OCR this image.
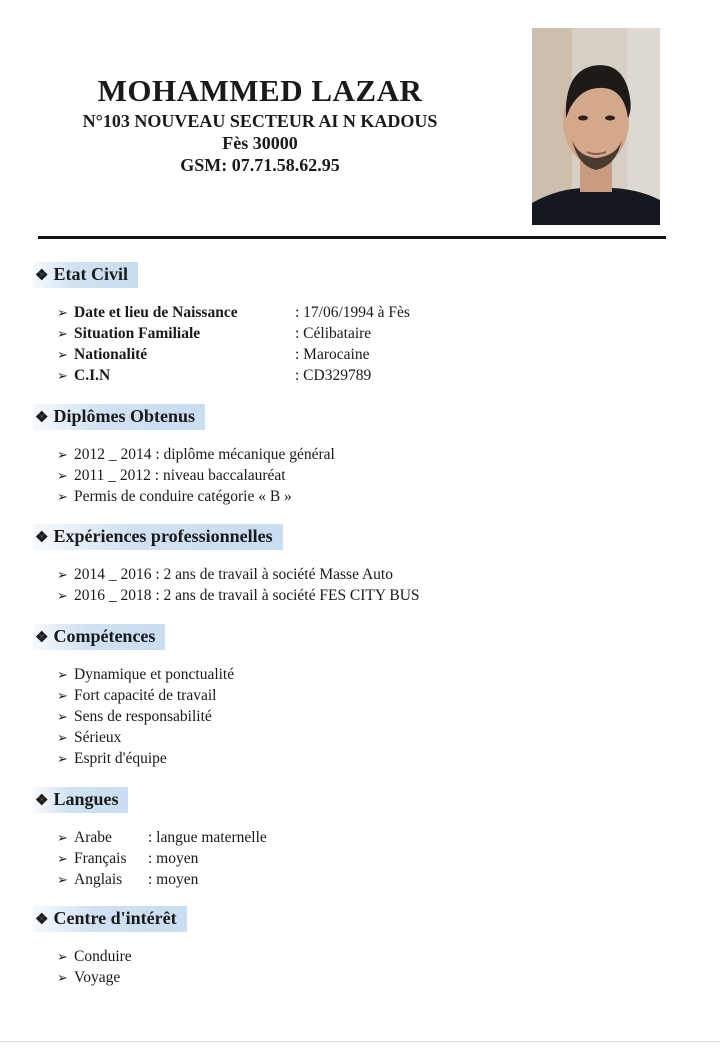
MOHAMMED LAZAR
N°103 NOUVEAU SECTEUR AI N KADOUS
Fès 30000
GSM: 07.71.58.62.95
❖ Etat Civil
➢ Date et lieu de Naissance	: 17/06/1994 à Fès
➢ Situation Familiale	: Célibataire
➢ Nationalité	: Marocaine
➢ C.I.N	: CD329789
❖ Diplômes Obtenus
➢ 2012 _ 2014 : diplôme mécanique général
➢ 2011 _ 2012 : niveau baccalauréat
➢ Permis de conduire catégorie « B »
❖ Expériences professionnelles
➢ 2014 _ 2016 : 2 ans de travail à société Masse Auto
➢ 2016 _ 2018 : 2 ans de travail à société FES CITY BUS
❖ Compétences
➢ Dynamique et ponctualité
➢ Fort capacité de travail
➢ Sens de responsabilité
➢ Sérieux
➢ Esprit d'équipe
❖ Langues
➢ Arabe : langue maternelle
➢ Français : moyen
➢ Anglais : moyen
❖ Centre d'intérêt
➢ Conduire
➢ Voyage
